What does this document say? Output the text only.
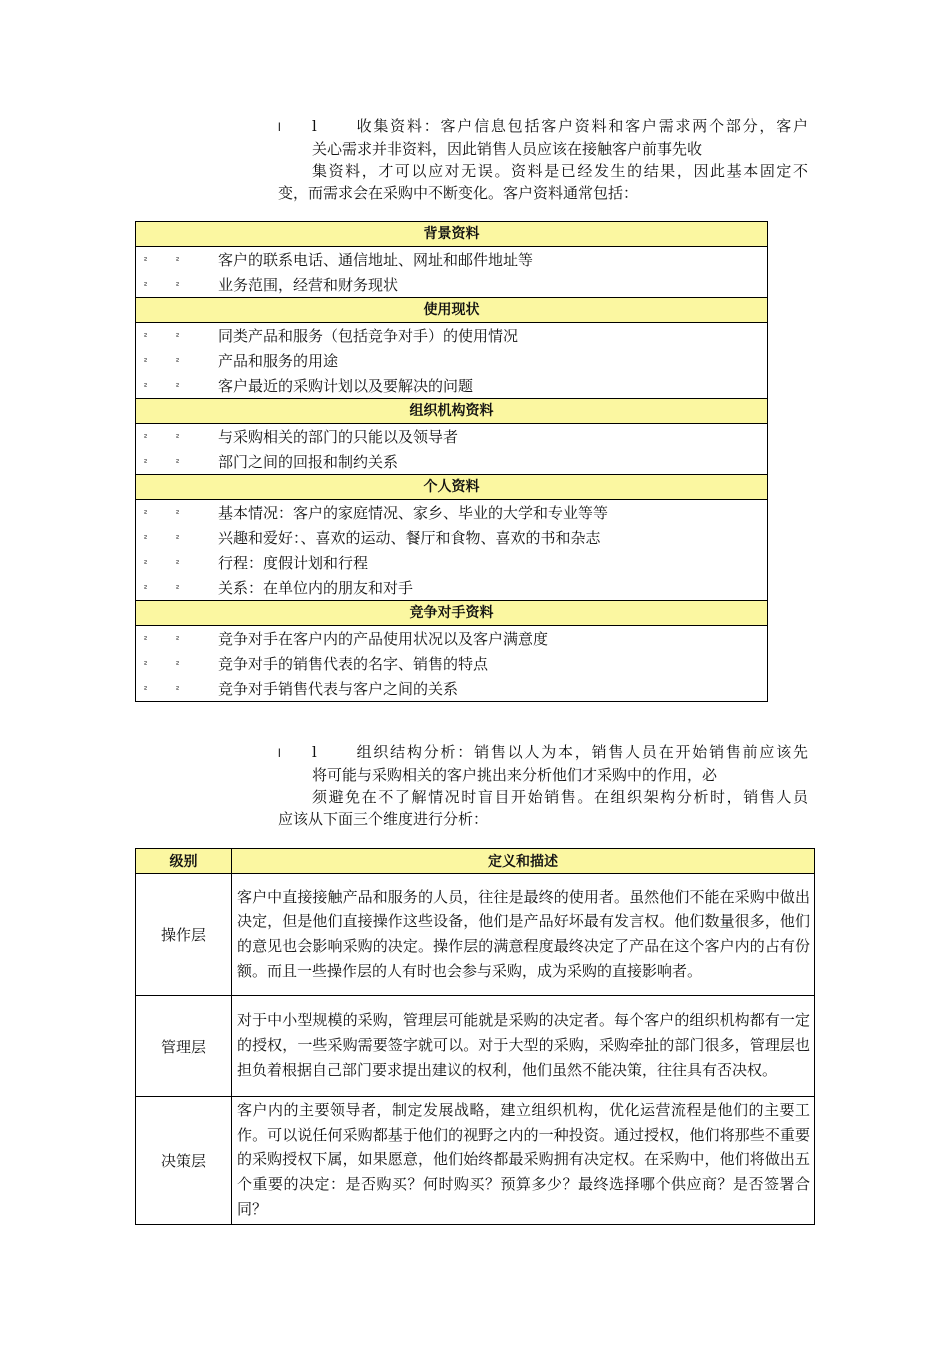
l l	收集资料：客户信息包括客户资料和客户需求两个部分，客户
关心需求并非资料，因此销售人员应该在接触客户前事先收
集资料，才可以应对无误。资料是已经发生的结果，因此基本固定不
变，而需求会在采购中不断变化。客户资料通常包括：
背景资料

²	²	客户的联系电话、通信地址、网址和邮件地址等
²	²	业务范围，经营和财务现状

使用现状

²	²	同类产品和服务（包括竞争对手）的使用情况
²	²	产品和服务的用途
²	²	客户最近的采购计划以及要解决的问题

组织机构资料

²	²	与采购相关的部门的只能以及领导者
²	²	部门之间的回报和制约关系

个人资料

²	²	基本情况：客户的家庭情况、家乡、毕业的大学和专业等等
²	²	兴趣和爱好：、喜欢的运动、餐厅和食物、喜欢的书和杂志
²	²	行程：度假计划和行程
²	²	关系：在单位内的朋友和对手

竞争对手资料

²	²	竞争对手在客户内的产品使用状况以及客户满意度
²	²	竞争对手的销售代表的名字、销售的特点
²	²	竞争对手销售代表与客户之间的关系
l l	组织结构分析：销售以人为本，销售人员在开始销售前应该先
将可能与采购相关的客户挑出来分析他们才采购中的作用，必
须避免在不了解情况时盲目开始销售。在组织架构分析时，销售人员
应该从下面三个维度进行分析：
级别	定义和描述
操作层	客户中直接接触产品和服务的人员，往往是最终的使用者。虽然他们不能在采购中做出决定，但是他们直接操作这些设备，他们是产品好坏最有发言权。他们数量很多，他们的意见也会影响采购的决定。操作层的满意程度最终决定了产品在这个客户内的占有份额。而且一些操作层的人有时也会参与采购，成为采购的直接影响者。
管理层	对于中小型规模的采购，管理层可能就是采购的决定者。每个客户的组织机构都有一定的授权，一些采购需要签字就可以。对于大型的采购，采购牵扯的部门很多，管理层也担负着根据自己部门要求提出建议的权利，他们虽然不能决策，往往具有否决权。
决策层	客户内的主要领导者，制定发展战略，建立组织机构，优化运营流程是他们的主要工作。可以说任何采购都基于他们的视野之内的一种投资。通过授权，他们将那些不重要的采购授权下属，如果愿意，他们始终都最采购拥有决定权。在采购中，他们将做出五个重要的决定：是否购买？何时购买？预算多少？最终选择哪个供应商？是否签署合同？
